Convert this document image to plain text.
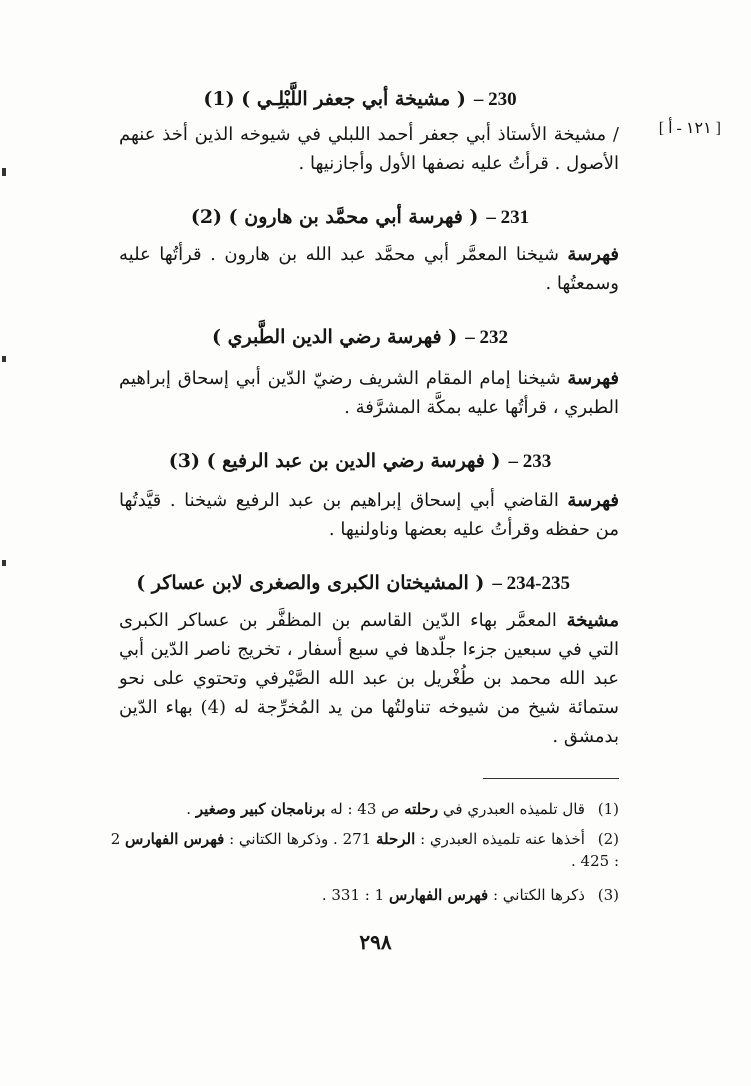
[ ١٢١ - أ ]
230 –( مشيخة أبي جعفر اللَّبْلِـي ) (1)
/ مشيخة الأستاذ أبي جعفر أحمد اللبلي في شيوخه الذين أخذ عنهم الأصول . قرأتُ عليه نصفها الأول وأجازنيها .
231 –( فهرسة أبي محمَّد بن هارون ) (2)
فهرسة شيخنا المعمَّر أبي محمَّد عبد الله بن هارون . قرأتُها عليه وسمعتُها .
232 –( فهرسة رضي الدين الطَّبري )
فهرسة شيخنا إمام المقام الشريف رضيّ الدّين أبي إسحاق إبراهيم الطبري ، قرأتُها عليه بمكَّة المشرَّفة .
233 –( فهرسة رضي الدين بن عبد الرفيع ) (3)
فهرسة القاضي أبي إسحاق إبراهيم بن عبد الرفيع شيخنا . قيَّدتُها من حفظه وقرأتُ عليه بعضها وناولنيها .
234-235 –( المشيختان الكبرى والصغرى لابن عساكر )
مشيخة المعمَّر بهاء الدّين القاسم بن المظفَّر بن عساكر الكبرى التي في سبعين جزءا جلّدها في سبع أسفار ، تخريج ناصر الدّين أبي عبد الله محمد بن طُغْريل بن عبد الله الصَّيْرفي وتحتوي على نحو ستمائة شيخ من شيوخه تناولتُها من يد المُخرِّجة له (4) بهاء الدّين بدمشق .
(1) قال تلميذه العبدري في رحلته ص 43 : له برنامجان كبير وصغير .
(2) أخذها عنه تلميذه العبدري : الرحلة 271 . وذكرها الكتاني : فهرس الفهارس 2 : 425 .
(3) ذكرها الكتاني : فهرس الفهارس 1 : 331 .
٢٩٨
